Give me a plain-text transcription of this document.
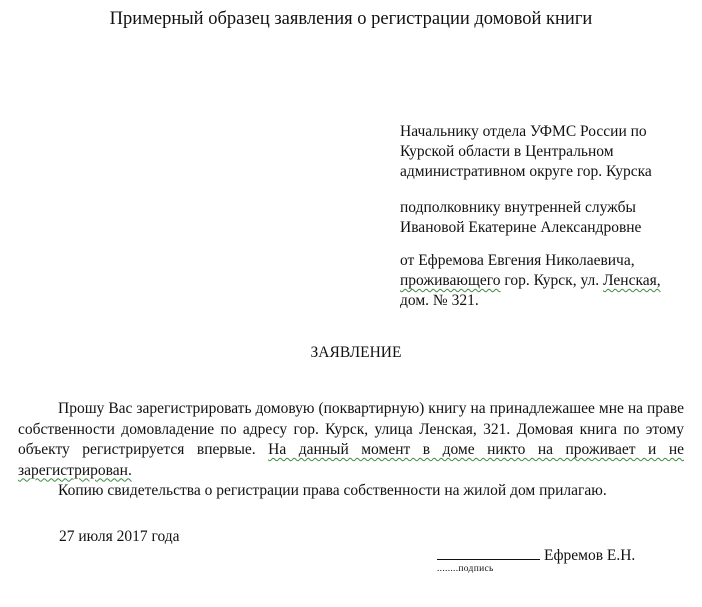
Примерный образец заявления о регистрации домовой книги
Начальнику отдела УФМС России по
Курской области в Центральном
административном округе гор. Курска
подполковнику внутренней службы
Ивановой Екатерине Александровне
от Ефремова Евгения Николаевича,
проживающего гор. Курск, ул. Ленская,
дом. № 321.
ЗАЯВЛЕНИЕ

Прошу Вас зарегистрировать домовую (поквартирную) книгу на принадлежашее мне на праве собственности домовладение по адресу гор. Курск, улица Ленская, 321. Домовая книга по этому объекту регистрируется впервые. На данный момент в доме никто на проживает и не зарегистрирован.

Копию свидетельства о регистрации права собственности на жилой дом прилагаю.

27 июля 2017 года
Ефремов Е.Н.
........подпись
